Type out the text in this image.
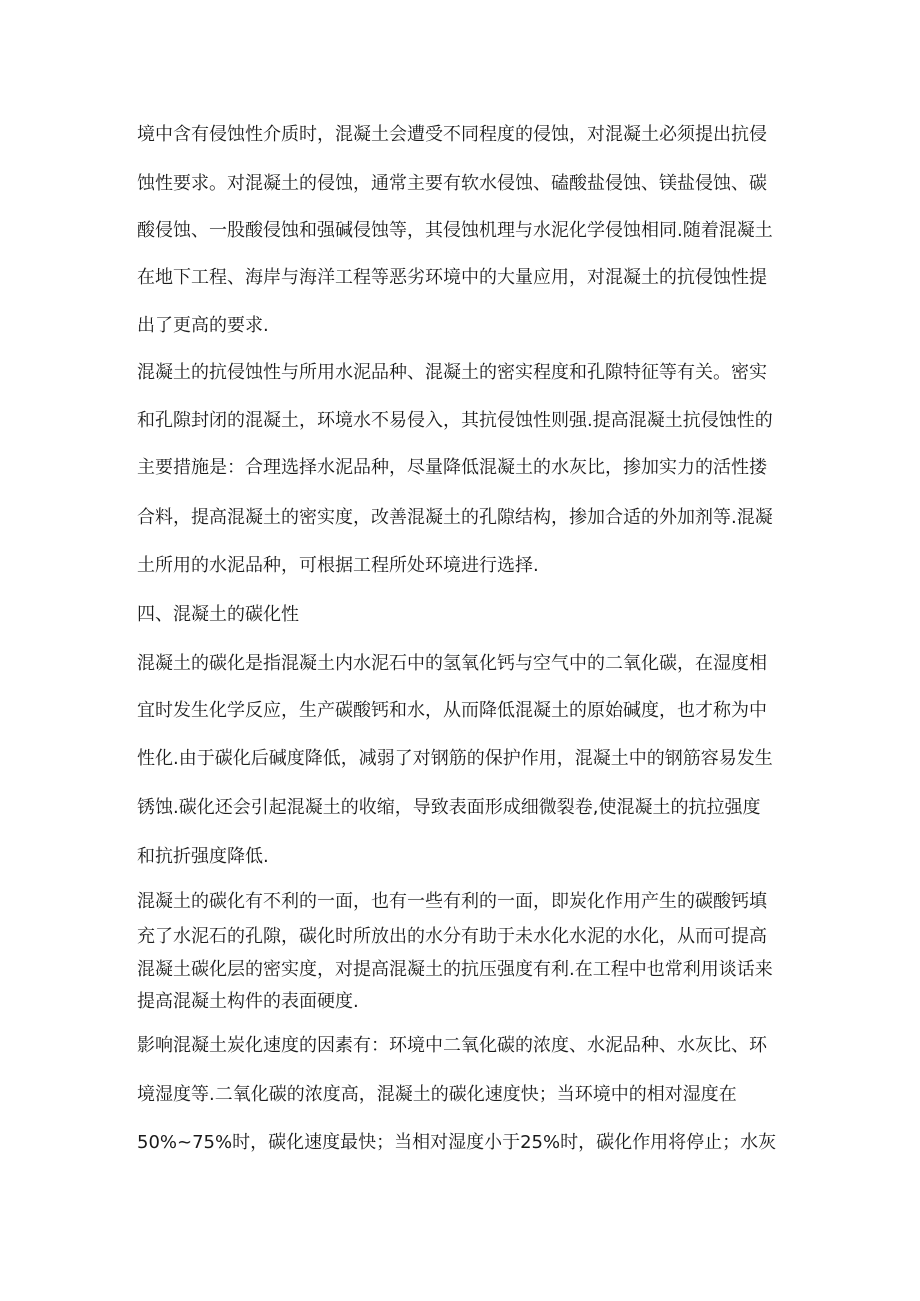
境中含有侵蚀性介质时，混凝土会遭受不同程度的侵蚀，对混凝土必须提出抗侵
蚀性要求。对混凝土的侵蚀，通常主要有软水侵蚀、磕酸盐侵蚀、镁盐侵蚀、碳
酸侵蚀、一股酸侵蚀和强碱侵蚀等，其侵蚀机理与水泥化学侵蚀相同.随着混凝土
在地下工程、海岸与海洋工程等恶劣环境中的大量应用，对混凝土的抗侵蚀性提
出了更高的要求.
混凝土的抗侵蚀性与所用水泥品种、混凝土的密实程度和孔隙特征等有关。密实
和孔隙封闭的混凝土，环境水不易侵入，其抗侵蚀性则强.提高混凝土抗侵蚀性的
主要措施是：合理选择水泥品种，尽量降低混凝土的水灰比，掺加实力的活性搂
合料，提高混凝土的密实度，改善混凝土的孔隙结构，掺加合适的外加剂等.混凝
土所用的水泥品种，可根据工程所处环境进行选择.
四、混凝土的碳化性
混凝土的碳化是指混凝土内水泥石中的氢氧化钙与空气中的二氧化碳，在湿度相
宜时发生化学反应，生产碳酸钙和水，从而降低混凝土的原始碱度，也才称为中
性化.由于碳化后碱度降低，减弱了对钢筋的保护作用，混凝土中的钢筋容易发生
锈蚀.碳化还会引起混凝土的收缩，导致表面形成细微裂卷,使混凝土的抗拉强度
和抗折强度降低.
混凝土的碳化有不利的一面，也有一些有利的一面，即炭化作用产生的碳酸钙填
充了水泥石的孔隙，碳化时所放出的水分有助于未水化水泥的水化，从而可提高
混凝土碳化层的密实度，对提高混凝土的抗压强度有利.在工程中也常利用谈话来
提高混凝土构件的表面硬度.
影响混凝土炭化速度的因素有：环境中二氧化碳的浓度、水泥品种、水灰比、环
境湿度等.二氧化碳的浓度高，混凝土的碳化速度快；当环境中的相对湿度在
50%~75%时，碳化速度最快；当相对湿度小于25%时，碳化作用将停止；水灰
